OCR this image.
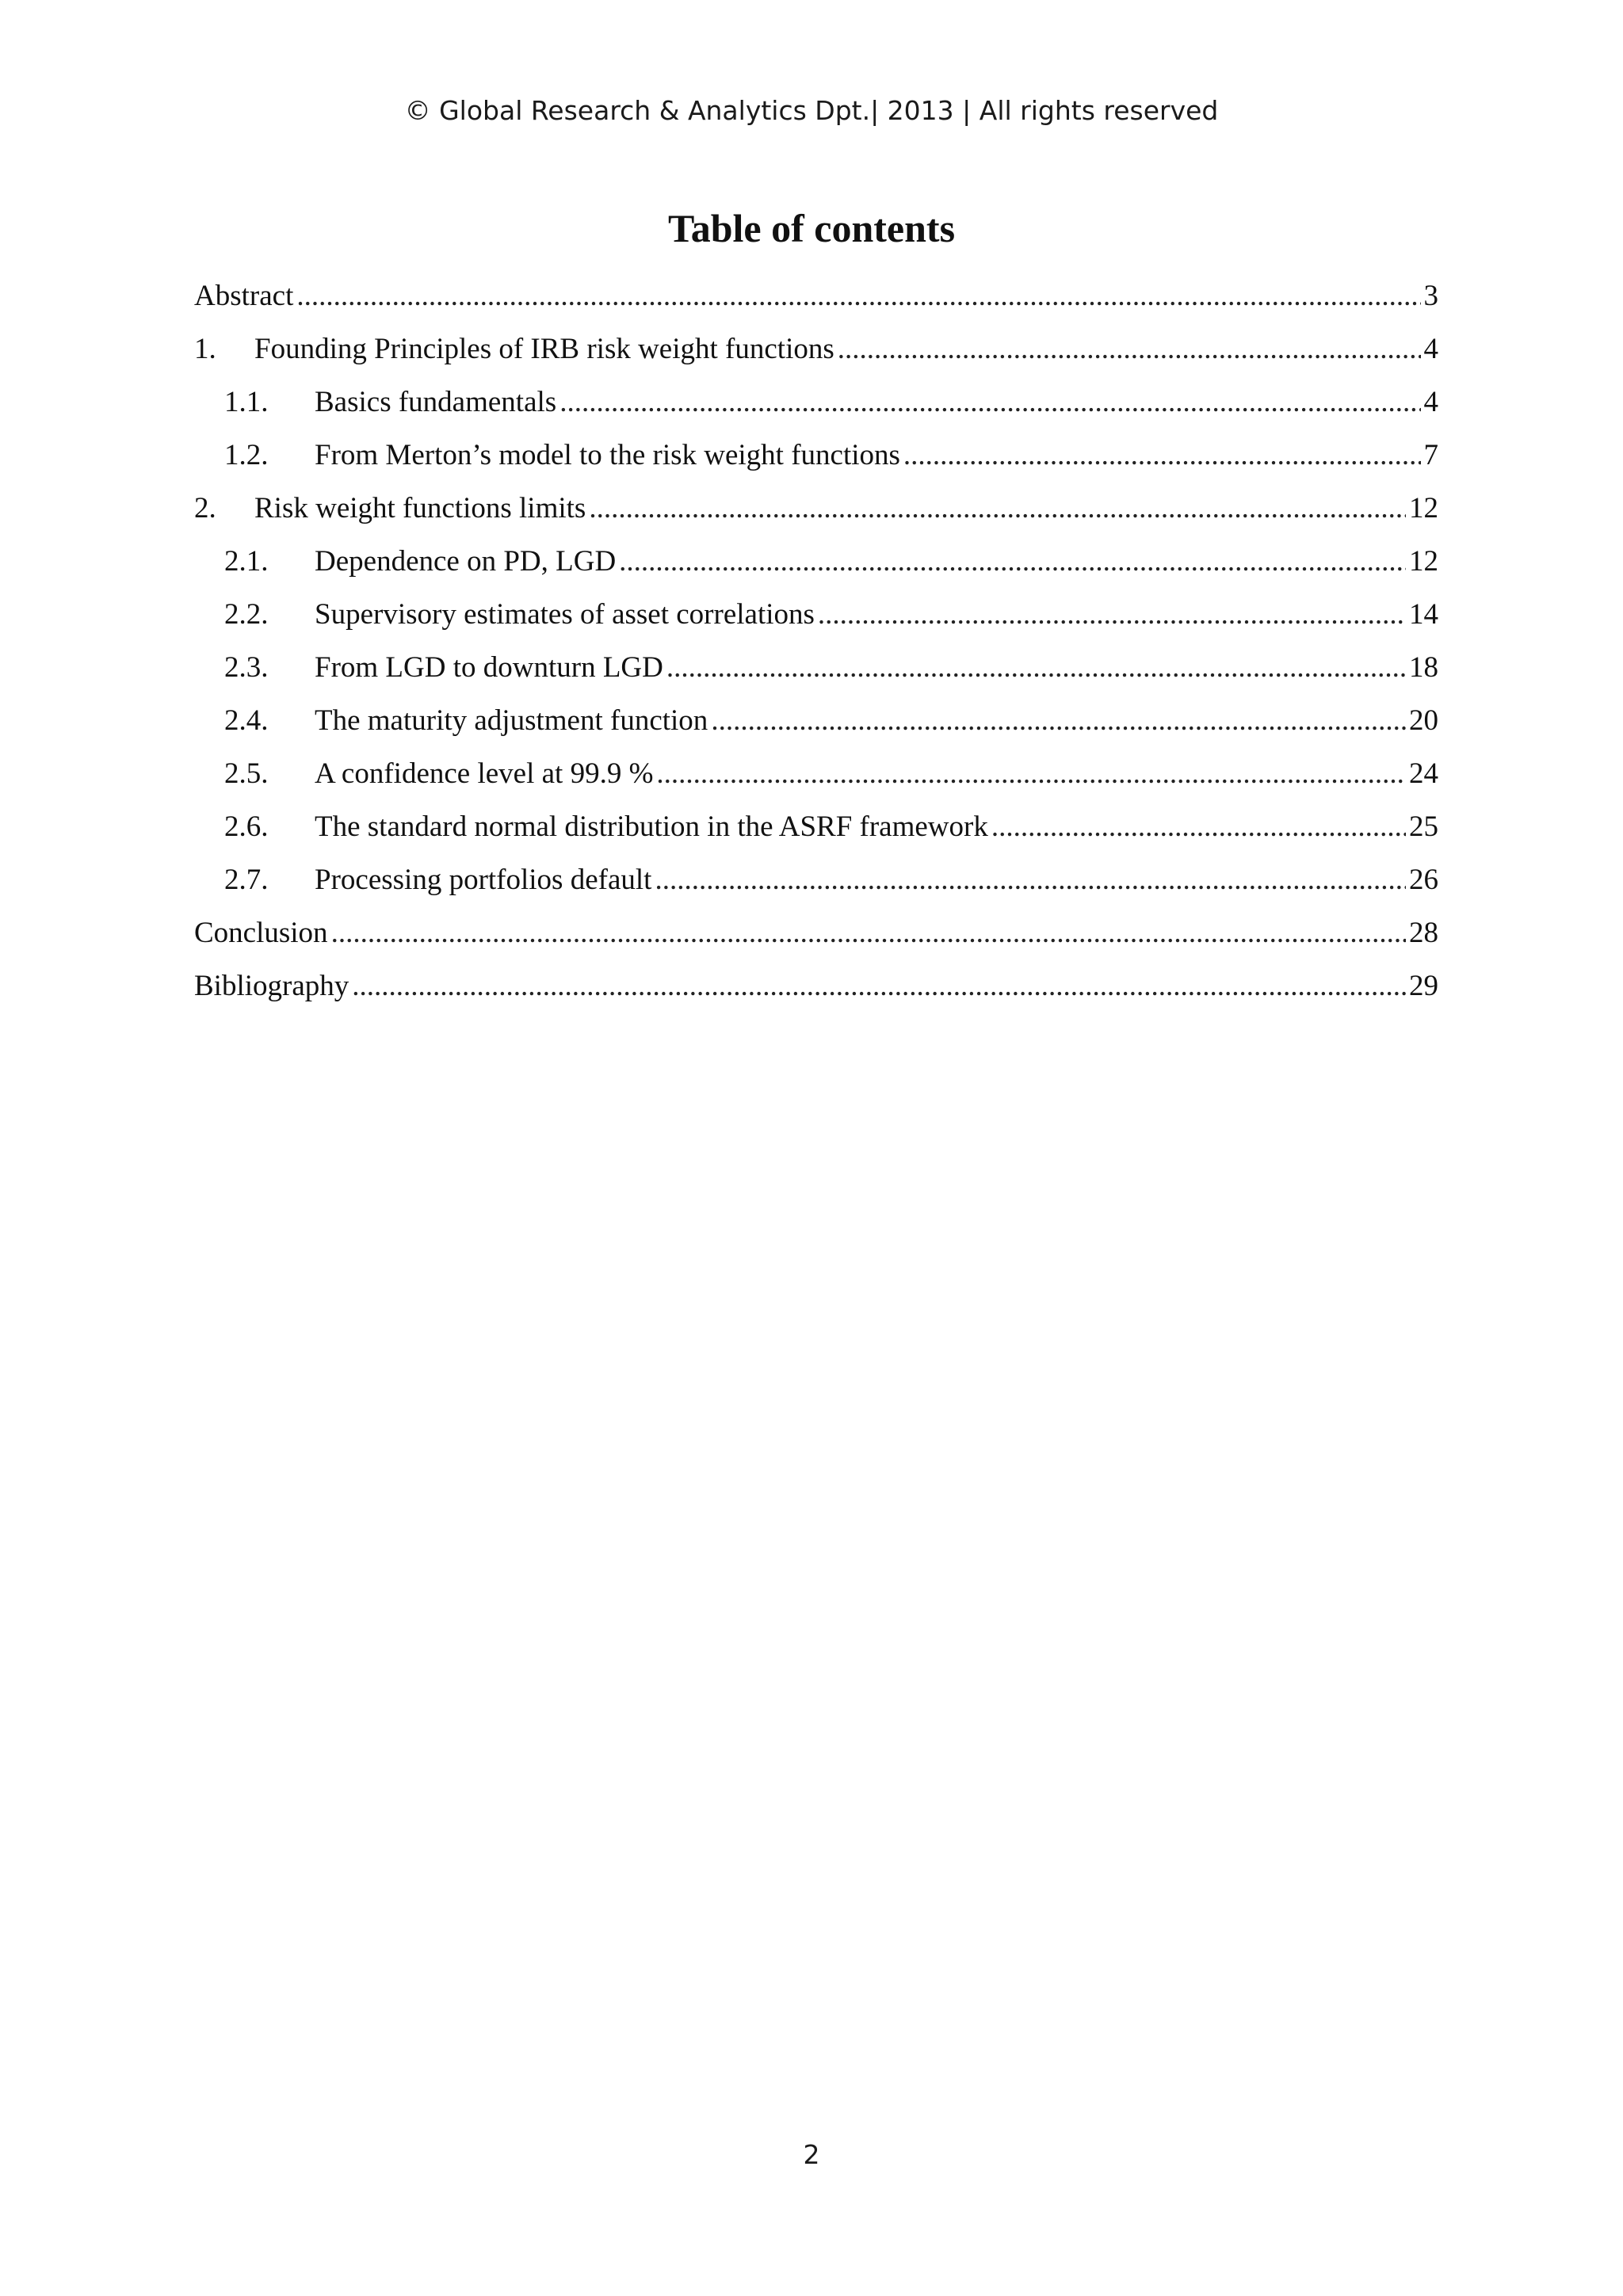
© Global Research & Analytics Dpt.| 2013 | All rights reserved
Table of contents
Abstract .....	3
1.	Founding Principles of IRB risk weight functions .....	4
1.1.	Basics fundamentals .....	4
1.2.	From Merton’s model to the risk weight functions .....	7
2.	Risk weight functions limits .....	12
2.1.	Dependence on PD, LGD .....	12
2.2.	Supervisory estimates of asset correlations .....	14
2.3.	From LGD to downturn LGD .....	18
2.4.	The maturity adjustment function .....	20
2.5.	A confidence level at 99.9 % .....	24
2.6.	The standard normal distribution in the ASRF framework .....	25
2.7.	Processing portfolios default .....	26
Conclusion .....	28
Bibliography .....	29
2
